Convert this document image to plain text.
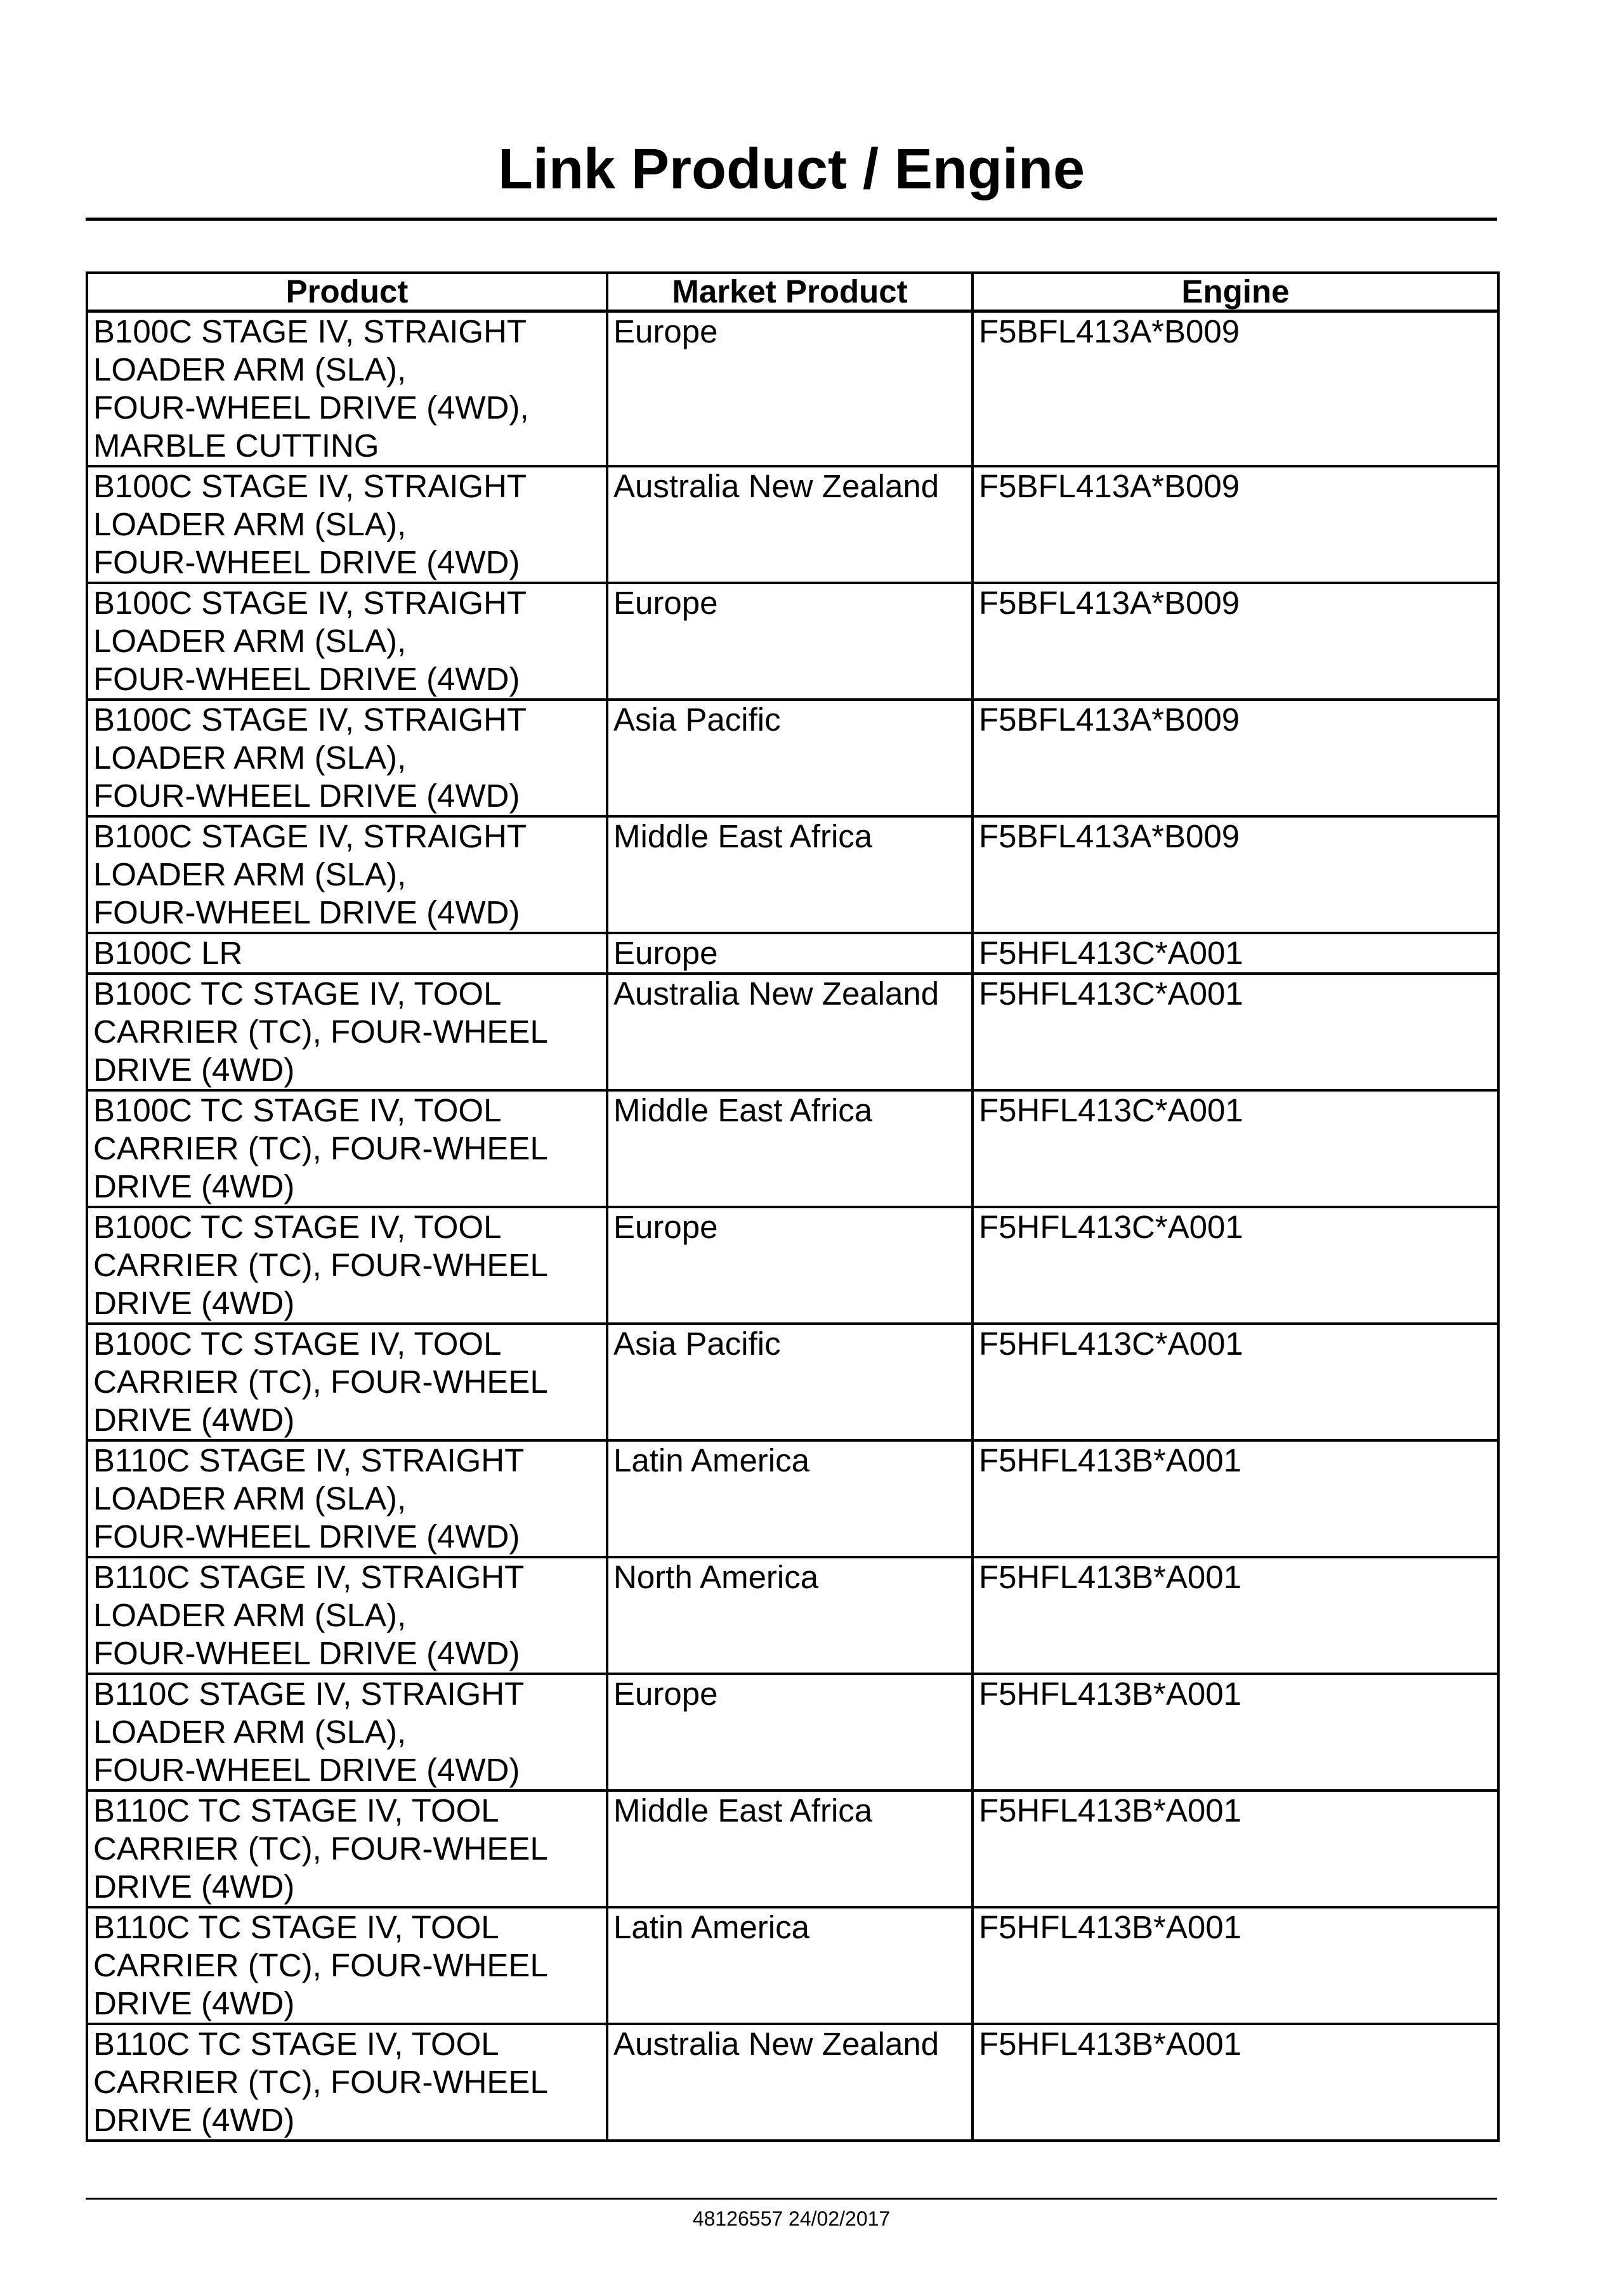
Link Product / Engine
Product	Market Product	Engine
B100C STAGE IV, STRAIGHT
LOADER ARM (SLA),
FOUR-WHEEL DRIVE (4WD),
MARBLE CUTTING	Europe	F5BFL413A*B009
B100C STAGE IV, STRAIGHT
LOADER ARM (SLA),
FOUR-WHEEL DRIVE (4WD)	Australia New Zealand	F5BFL413A*B009
B100C STAGE IV, STRAIGHT
LOADER ARM (SLA),
FOUR-WHEEL DRIVE (4WD)	Europe	F5BFL413A*B009
B100C STAGE IV, STRAIGHT
LOADER ARM (SLA),
FOUR-WHEEL DRIVE (4WD)	Asia Pacific	F5BFL413A*B009
B100C STAGE IV, STRAIGHT
LOADER ARM (SLA),
FOUR-WHEEL DRIVE (4WD)	Middle East Africa	F5BFL413A*B009
B100C LR	Europe	F5HFL413C*A001
B100C TC STAGE IV, TOOL
CARRIER (TC), FOUR-WHEEL
DRIVE (4WD)	Australia New Zealand	F5HFL413C*A001
B100C TC STAGE IV, TOOL
CARRIER (TC), FOUR-WHEEL
DRIVE (4WD)	Middle East Africa	F5HFL413C*A001
B100C TC STAGE IV, TOOL
CARRIER (TC), FOUR-WHEEL
DRIVE (4WD)	Europe	F5HFL413C*A001
B100C TC STAGE IV, TOOL
CARRIER (TC), FOUR-WHEEL
DRIVE (4WD)	Asia Pacific	F5HFL413C*A001
B110C STAGE IV, STRAIGHT
LOADER ARM (SLA),
FOUR-WHEEL DRIVE (4WD)	Latin America	F5HFL413B*A001
B110C STAGE IV, STRAIGHT
LOADER ARM (SLA),
FOUR-WHEEL DRIVE (4WD)	North America	F5HFL413B*A001
B110C STAGE IV, STRAIGHT
LOADER ARM (SLA),
FOUR-WHEEL DRIVE (4WD)	Europe	F5HFL413B*A001
B110C TC STAGE IV, TOOL
CARRIER (TC), FOUR-WHEEL
DRIVE (4WD)	Middle East Africa	F5HFL413B*A001
B110C TC STAGE IV, TOOL
CARRIER (TC), FOUR-WHEEL
DRIVE (4WD)	Latin America	F5HFL413B*A001
B110C TC STAGE IV, TOOL
CARRIER (TC), FOUR-WHEEL
DRIVE (4WD)	Australia New Zealand	F5HFL413B*A001
48126557 24/02/2017
